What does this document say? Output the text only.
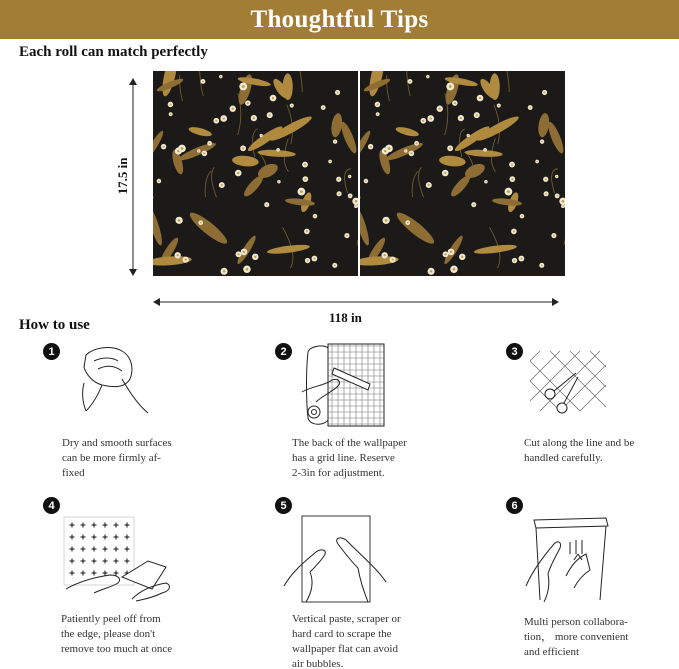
Thoughtful Tips
Each roll can match perfectly
17.5 in
118 in
How to use
1
Dry and smooth surfaces
can be more firmly af-
fixed
2
The back of the wallpaper
has a grid line. Reserve
2-3in for adjustment.
3
Cut along the line and be
handled carefully.
4
Patiently peel off from
the edge, please don't
remove too much at once
5
Vertical paste, scraper or
hard card to scrape the
wallpaper flat can avoid
air bubbles.
6
Multi person collabora-
tion， more convenient
and efficient
